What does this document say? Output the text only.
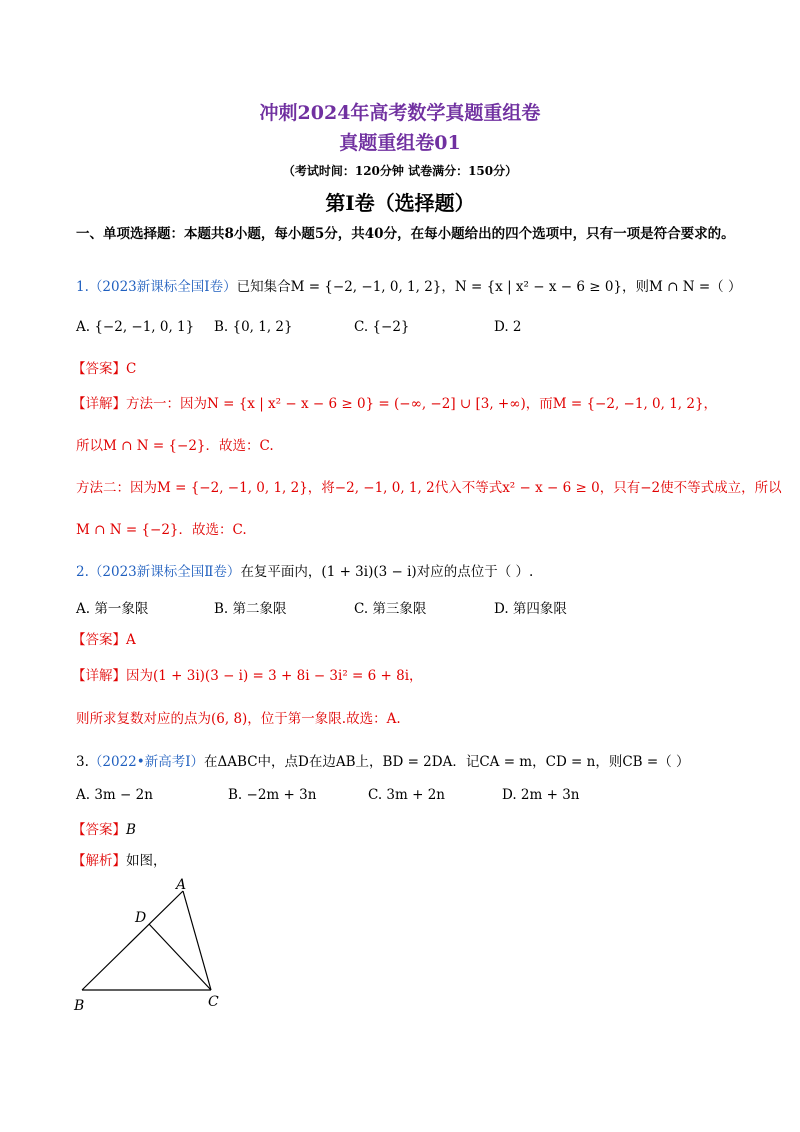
冲刺2024年高考数学真题重组卷
真题重组卷01
（考试时间：120分钟 试卷满分：150分）
第I卷（选择题）
一、单项选择题：本题共8小题，每小题5分，共40分，在每小题给出的四个选项中，只有一项是符合要求的。
1.（2023新课标全国Ⅰ卷）已知集合M = {−2, −1, 0, 1, 2}，N = {x | x² − x − 6 ≥ 0}，则M ∩ N =（ ）
A. {−2, −1, 0, 1} B. {0, 1, 2}	C. {−2}	D. 2
【答案】C
【详解】方法一：因为N = {x | x² − x − 6 ≥ 0} = (−∞, −2] ∪ [3, +∞)，而M = {−2, −1, 0, 1, 2}，
所以M ∩ N = {−2}．故选：C.
方法二：因为M = {−2, −1, 0, 1, 2}，将−2, −1, 0, 1, 2代入不等式x² − x − 6 ≥ 0，只有−2使不等式成立，所以
M ∩ N = {−2}．故选：C.
2.（2023新课标全国Ⅱ卷）在复平面内，(1 + 3i)(3 − i)对应的点位于（ ）.
A. 第一象限	B. 第二象限	C. 第三象限	D. 第四象限
【答案】A
【详解】因为(1 + 3i)(3 − i) = 3 + 8i − 3i² = 6 + 8i，
则所求复数对应的点为(6, 8)，位于第一象限.故选：A.
3.（2022•新高考Ⅰ）在ΔABC中，点D在边AB上，BD = 2DA．记CA = m，CD = n，则CB =（ ）
A. 3m − 2n	B. −2m + 3n	C. 3m + 2n	D. 2m + 3n
【答案】B
【解析】如图，
A
D
B	C
